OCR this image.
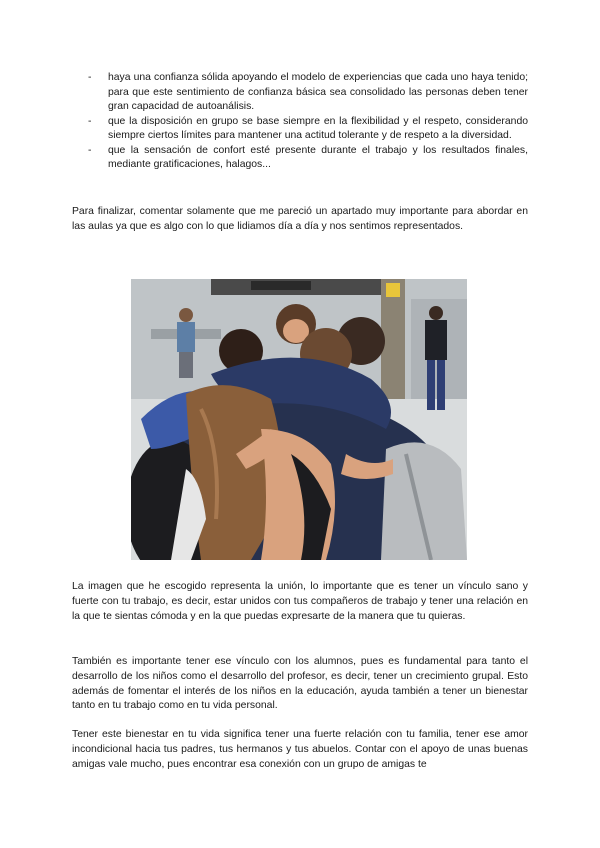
- haya una confianza sólida apoyando el modelo de experiencias que cada uno haya tenido; para que este sentimiento de confianza básica sea consolidado las personas deben tener gran capacidad de autoanálisis.
- que la disposición en grupo se base siempre en la flexibilidad y el respeto, considerando siempre ciertos límites para mantener una actitud tolerante y de respeto a la diversidad.
- que la sensación de confort esté presente durante el trabajo y los resultados finales, mediante gratificaciones, halagos...

Para finalizar, comentar solamente que me pareció un apartado muy importante para abordar en las aulas ya que es algo con lo que lidiamos día a día y nos sentimos representados.

La imagen que he escogido representa la unión, lo importante que es tener un vínculo sano y fuerte con tu trabajo, es decir, estar unidos con tus compañeros de trabajo y tener una relación en la que te sientas cómoda y en la que puedas expresarte de la manera que tu quieras.

También es importante tener ese vínculo con los alumnos, pues es fundamental para tanto el desarrollo de los niños como el desarrollo del profesor, es decir, tener un crecimiento grupal. Esto además de fomentar el interés de los niños en la educación, ayuda también a tener un bienestar tanto en tu trabajo como en tu vida personal.

Tener este bienestar en tu vida significa tener una fuerte relación con tu familia, tener ese amor incondicional hacia tus padres, tus hermanos y tus abuelos. Contar con el apoyo de unas buenas amigas vale mucho, pues encontrar esa conexión con un grupo de amigas te
